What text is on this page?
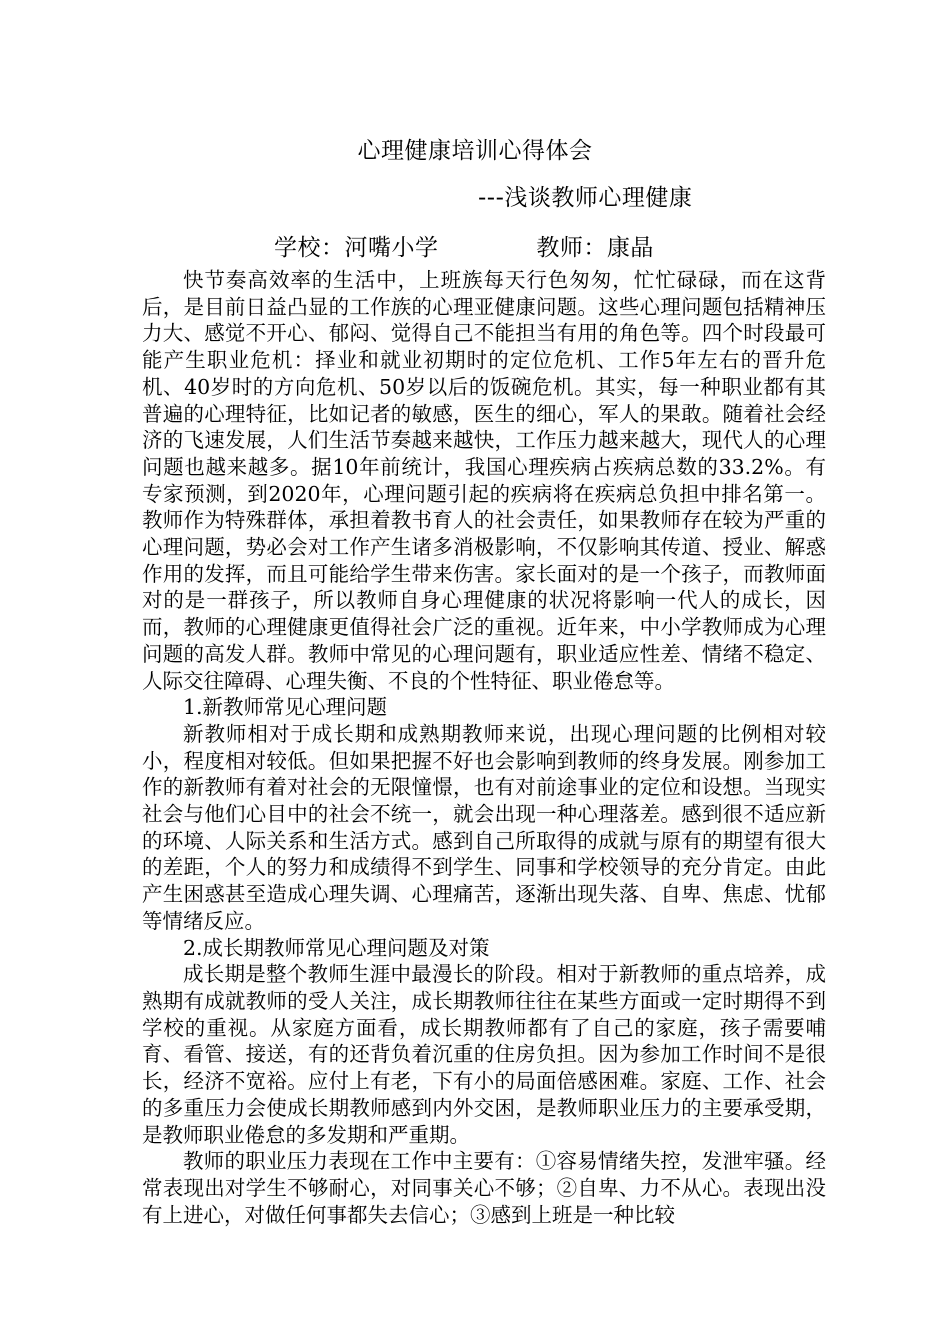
心理健康培训心得体会
---浅谈教师心理健康
学校：河嘴小学	教师：康晶

快节奏高效率的生活中，上班族每天行色匆匆，忙忙碌碌，而在这背后，是目前日益凸显的工作族的心理亚健康问题。这些心理问题包括精神压力大、感觉不开心、郁闷、觉得自己不能担当有用的角色等。四个时段最可能产生职业危机：择业和就业初期时的定位危机、工作5年左右的晋升危机、40岁时的方向危机、50岁以后的饭碗危机。其实，每一种职业都有其普遍的心理特征，比如记者的敏感，医生的细心，军人的果敢。随着社会经济的飞速发展，人们生活节奏越来越快，工作压力越来越大，现代人的心理问题也越来越多。据10年前统计，我国心理疾病占疾病总数的33.2%。有专家预测，到2020年，心理问题引起的疾病将在疾病总负担中排名第一。教师作为特殊群体，承担着教书育人的社会责任，如果教师存在较为严重的心理问题，势必会对工作产生诸多消极影响，不仅影响其传道、授业、解惑作用的发挥，而且可能给学生带来伤害。家长面对的是一个孩子，而教师面对的是一群孩子，所以教师自身心理健康的状况将影响一代人的成长，因而，教师的心理健康更值得社会广泛的重视。近年来，中小学教师成为心理问题的高发人群。教师中常见的心理问题有，职业适应性差、情绪不稳定、人际交往障碍、心理失衡、不良的个性特征、职业倦怠等。

1.新教师常见心理问题

新教师相对于成长期和成熟期教师来说，出现心理问题的比例相对较小，程度相对较低。但如果把握不好也会影响到教师的终身发展。刚参加工作的新教师有着对社会的无限憧憬，也有对前途事业的定位和设想。当现实社会与他们心目中的社会不统一，就会出现一种心理落差。感到很不适应新的环境、人际关系和生活方式。感到自己所取得的成就与原有的期望有很大的差距，个人的努力和成绩得不到学生、同事和学校领导的充分肯定。由此产生困惑甚至造成心理失调、心理痛苦，逐渐出现失落、自卑、焦虑、忧郁等情绪反应。

2.成长期教师常见心理问题及对策

成长期是整个教师生涯中最漫长的阶段。相对于新教师的重点培养，成熟期有成就教师的受人关注，成长期教师往往在某些方面或一定时期得不到学校的重视。从家庭方面看，成长期教师都有了自己的家庭，孩子需要哺育、看管、接送，有的还背负着沉重的住房负担。因为参加工作时间不是很长，经济不宽裕。应付上有老，下有小的局面倍感困难。家庭、工作、社会的多重压力会使成长期教师感到内外交困，是教师职业压力的主要承受期，是教师职业倦怠的多发期和严重期。

教师的职业压力表现在工作中主要有：①容易情绪失控，发泄牢骚。经常表现出对学生不够耐心，对同事关心不够；②自卑、力不从心。表现出没有上进心，对做任何事都失去信心；③感到上班是一种比较
